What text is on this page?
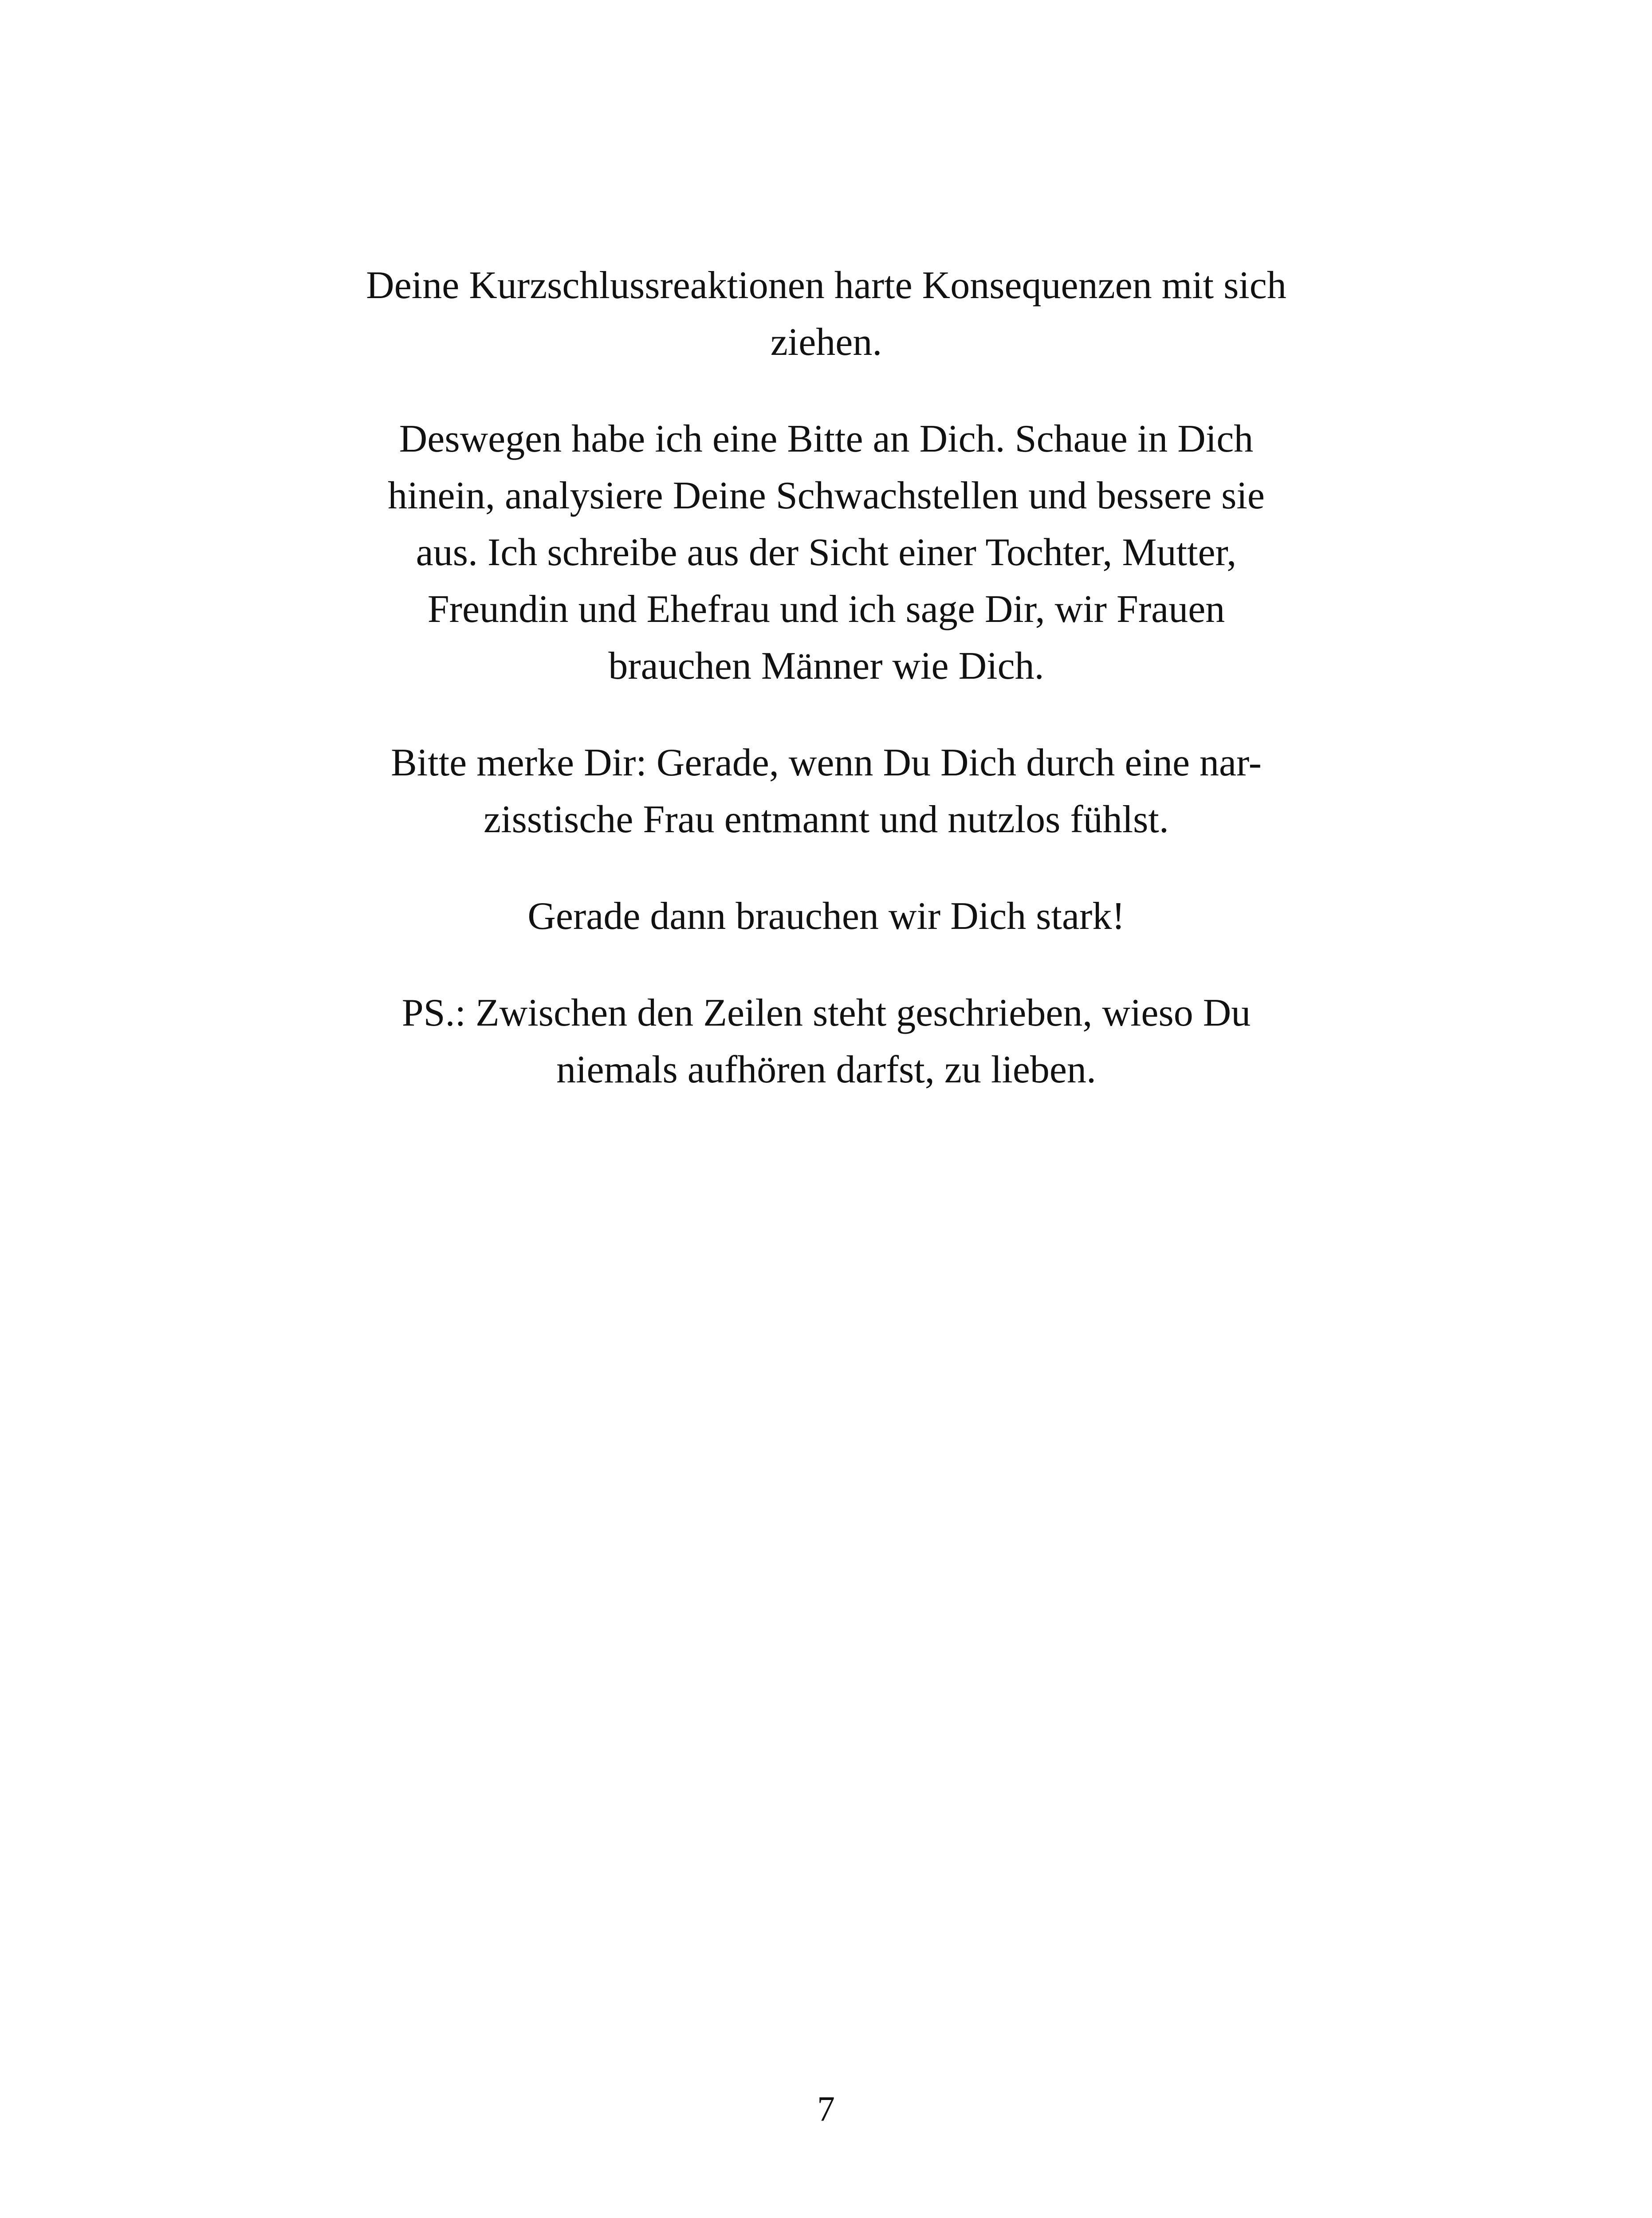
Deine Kurzschlussreaktionen harte Konsequenzen mit sich
ziehen.

Deswegen habe ich eine Bitte an Dich. Schaue in Dich
hinein, analysiere Deine Schwachstellen und bessere sie
aus. Ich schreibe aus der Sicht einer Tochter, Mutter,
Freundin und Ehefrau und ich sage Dir, wir Frauen
brauchen Männer wie Dich.

Bitte merke Dir: Gerade, wenn Du Dich durch eine nar-
zisstische Frau entmannt und nutzlos fühlst.

Gerade dann brauchen wir Dich stark!

PS.: Zwischen den Zeilen steht geschrieben, wieso Du
niemals aufhören darfst, zu lieben.

7
